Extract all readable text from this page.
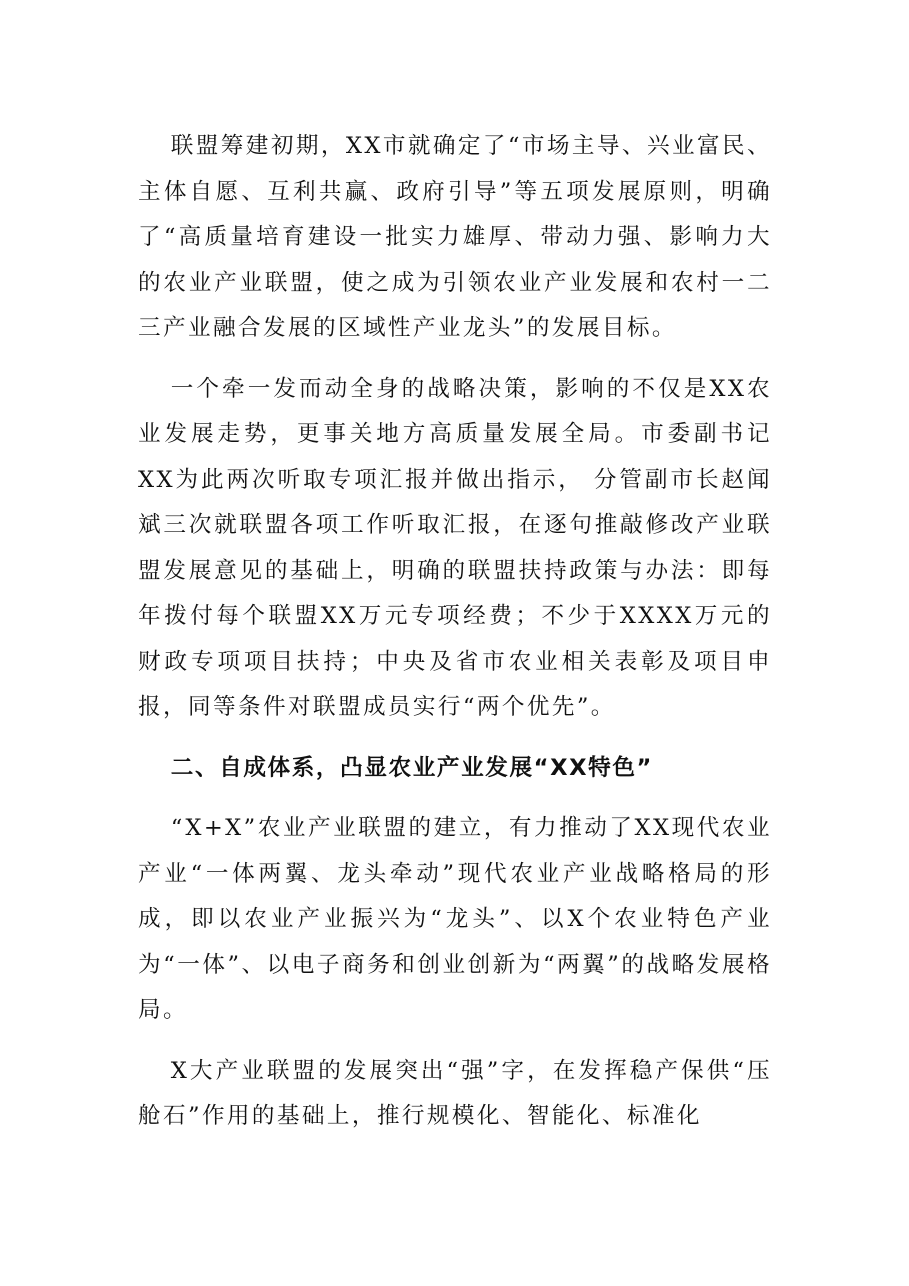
联盟筹建初期，XX市就确定了“市场主导、兴业富民、主体自愿、互利共赢、政府引导”等五项发展原则，明确了“高质量培育建设一批实力雄厚、带动力强、影响力大的农业产业联盟，使之成为引领农业产业发展和农村一二三产业融合发展的区域性产业龙头”的发展目标。

一个牵一发而动全身的战略决策，影响的不仅是XX农业发展走势，更事关地方高质量发展全局。市委副书记XX为此两次听取专项汇报并做出指示， 分管副市长赵闻斌三次就联盟各项工作听取汇报，在逐句推敲修改产业联盟发展意见的基础上，明确的联盟扶持政策与办法：即每年拨付每个联盟XX万元专项经费；不少于XXXX万元的财政专项项目扶持；中央及省市农业相关表彰及项目申报，同等条件对联盟成员实行“两个优先”。

二、自成体系，凸显农业产业发展“XX特色”

“X+X”农业产业联盟的建立，有力推动了XX现代农业产业“一体两翼、龙头牵动”现代农业产业战略格局的形成，即以农业产业振兴为“龙头”、以X个农业特色产业为“一体”、以电子商务和创业创新为“两翼”的战略发展格局。

X大产业联盟的发展突出“强”字，在发挥稳产保供“压舱石”作用的基础上，推行规模化、智能化、标准化
